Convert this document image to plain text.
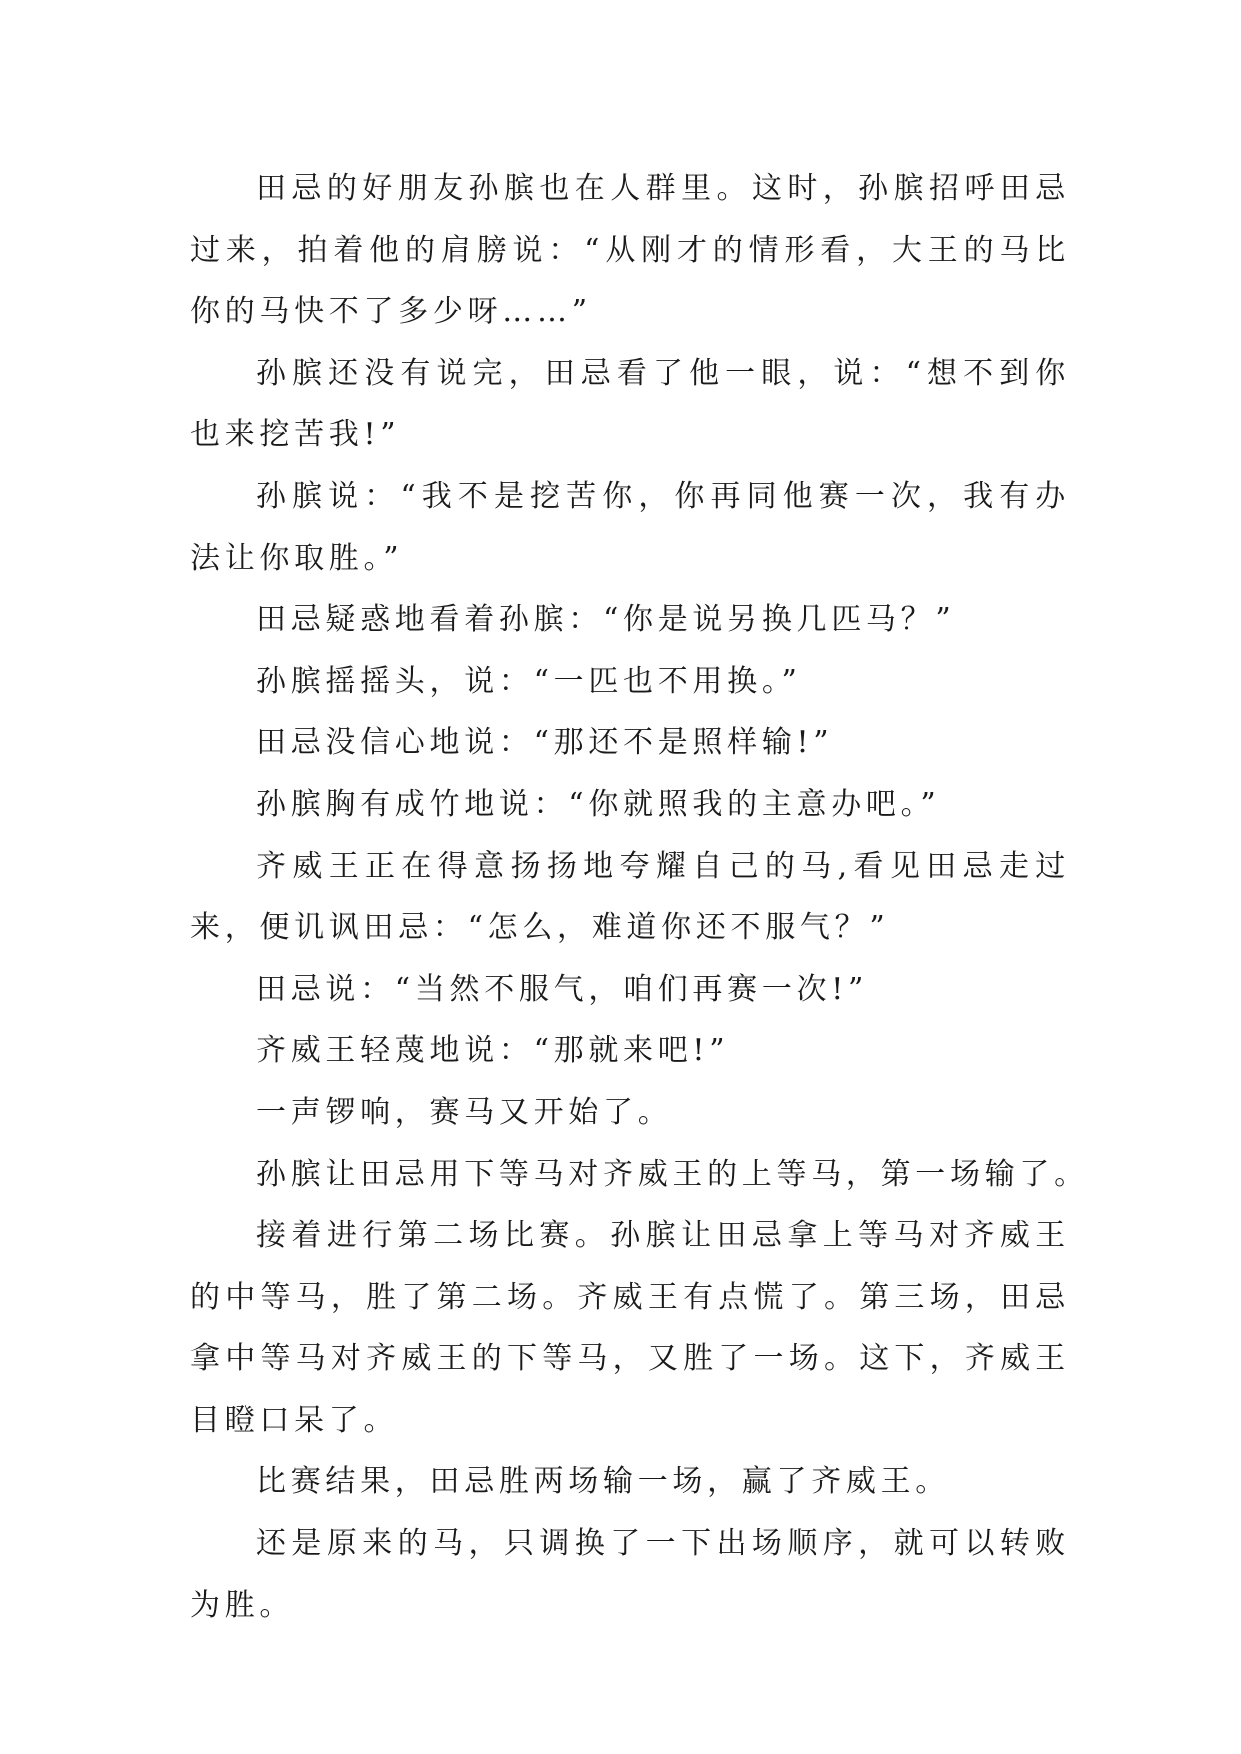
田忌的好朋友孙膑也在人群里。这时，孙膑招呼田忌过来，拍着他的肩膀说：“从刚才的情形看，大王的马比你的马快不了多少呀……”

孙膑还没有说完，田忌看了他一眼，说：“想不到你也来挖苦我!”

孙膑说：“我不是挖苦你，你再同他赛一次，我有办法让你取胜。”

田忌疑惑地看着孙膑：“你是说另换几匹马？”

孙膑摇摇头，说：“一匹也不用换。”

田忌没信心地说：“那还不是照样输!”

孙膑胸有成竹地说：“你就照我的主意办吧。”

齐威王正在得意扬扬地夸耀自己的马,看见田忌走过来，便讥讽田忌：“怎么，难道你还不服气？”

田忌说：“当然不服气，咱们再赛一次!”

齐威王轻蔑地说：“那就来吧!”

一声锣响，赛马又开始了。

孙膑让田忌用下等马对齐威王的上等马，第一场输了。

接着进行第二场比赛。孙膑让田忌拿上等马对齐威王的中等马，胜了第二场。齐威王有点慌了。第三场，田忌拿中等马对齐威王的下等马，又胜了一场。这下，齐威王目瞪口呆了。

比赛结果，田忌胜两场输一场，赢了齐威王。

还是原来的马，只调换了一下出场顺序，就可以转败为胜。
